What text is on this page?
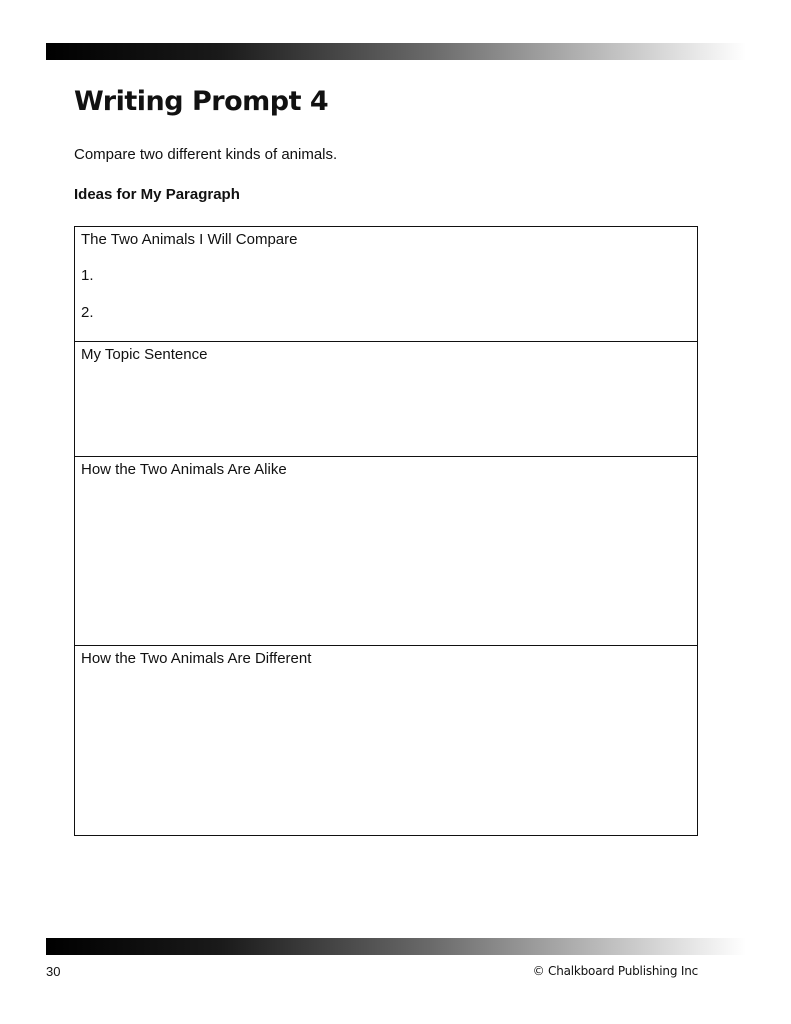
Writing Prompt 4
Compare two different kinds of animals.
Ideas for My Paragraph
The Two Animals I Will Compare
1.
2.
My Topic Sentence
How the Two Animals Are Alike
How the Two Animals Are Different
30	© Chalkboard Publishing Inc
